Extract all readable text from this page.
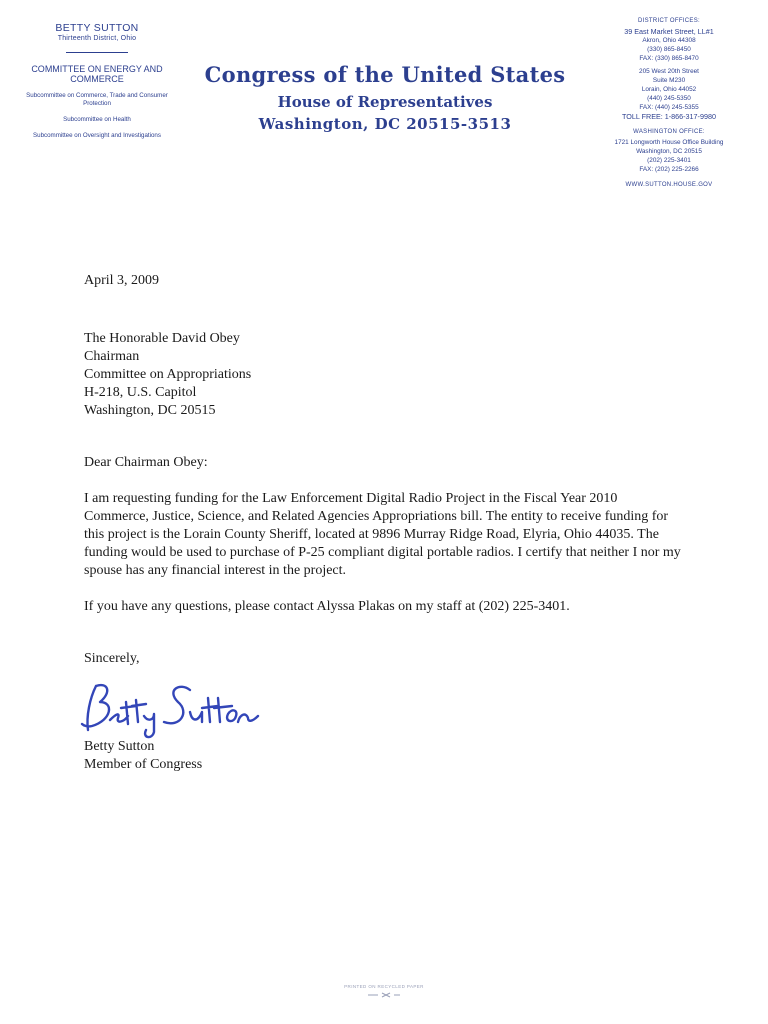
BETTY SUTTON
Thirteenth District, Ohio
COMMITTEE ON ENERGY AND COMMERCE

Subcommittee on Commerce, Trade and Consumer Protection

Subcommittee on Health

Subcommittee on Oversight and Investigations

Congress of the United States
House of Representatives
Washington, DC 20515-3513
DISTRICT OFFICES:
39 East Market Street, LL#1
Akron, Ohio 44308
(330) 865-8450
FAX: (330) 865-8470
205 West 20th Street
Suite M230
Lorain, Ohio 44052
(440) 245-5350
FAX: (440) 245-5355
TOLL FREE: 1-866-317-9980
WASHINGTON OFFICE:
1721 Longworth House Office Building
Washington, DC 20515
(202) 225-3401
FAX: (202) 225-2266
WWW.SUTTON.HOUSE.GOV
April 3, 2009
The Honorable David Obey
Chairman
Committee on Appropriations
H-218, U.S. Capitol
Washington, DC 20515
Dear Chairman Obey:
I am requesting funding for the Law Enforcement Digital Radio Project in the Fiscal Year 2010 Commerce, Justice, Science, and Related Agencies Appropriations bill. The entity to receive funding for this project is the Lorain County Sheriff, located at 9896 Murray Ridge Road, Elyria, Ohio 44035. The funding would be used to purchase of P-25 compliant digital portable radios. I certify that neither I nor my spouse has any financial interest in the project.
If you have any questions, please contact Alyssa Plakas on my staff at (202) 225-3401.
Sincerely,
Betty Sutton
Member of Congress
PRINTED ON RECYCLED PAPER
